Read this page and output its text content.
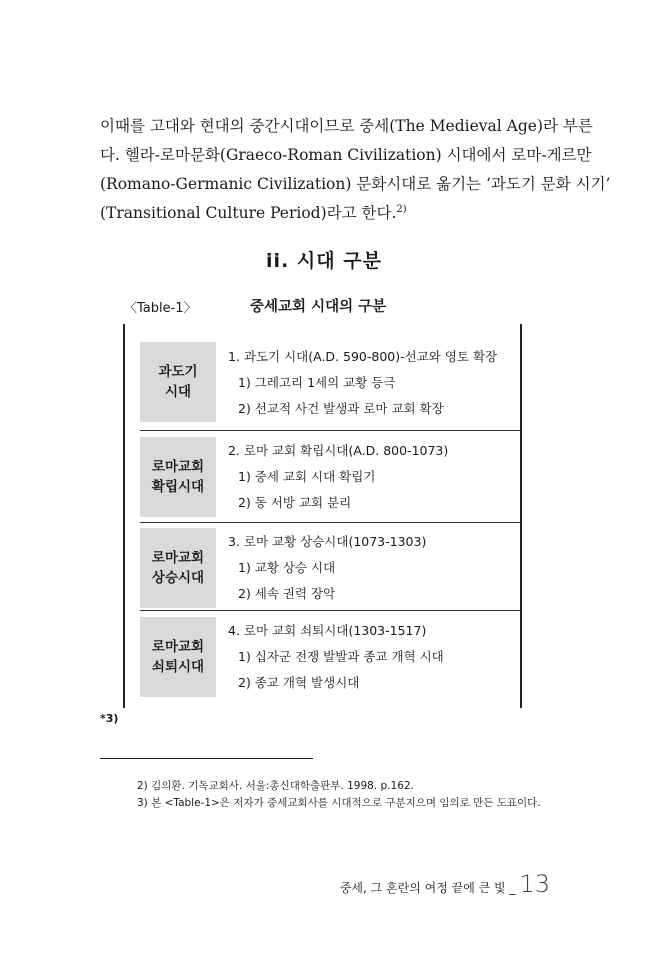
이때를 고대와 현대의 중간시대이므로 중세(The Medieval Age)라 부른
다. 헬라-로마문화(Graeco-Roman Civilization) 시대에서 로마-게르만
(Romano-Germanic Civilization) 문화시대로 옮기는 ‘과도기 문화 시기’
(Transitional Culture Period)라고 한다.$^{2)}$
ii. 시대 구분
〈Table-1〉	중세교회 시대의 구분
과도기
시대
1. 과도기 시대(A.D. 590-800)-선교와 영토 확장
1) 그레고리 1세의 교황 등극
2) 선교적 사건 발생과 로마 교회 확장
로마교회
확립시대
2. 로마 교회 확립시대(A.D. 800-1073)
1) 중세 교회 시대 확립기
2) 동 서방 교회 분리
로마교회
상승시대
3. 로마 교황 상승시대(1073-1303)
1) 교황 상승 시대
2) 세속 권력 장악
로마교회
쇠퇴시대
4. 로마 교회 쇠퇴시대(1303-1517)
1) 십자군 전쟁 발발과 종교 개혁 시대
2) 종교 개혁 발생시대
*3)
2) 김의환. 기독교회사. 서울:총신대학출판부. 1998. p.162.
3) 본 <Table-1>은 저자가 중세교회사를 시대적으로 구분지으며 임의로 만든 도표이다.
중세, 그 혼란의 여정 끝에 큰 빛 _ 13
